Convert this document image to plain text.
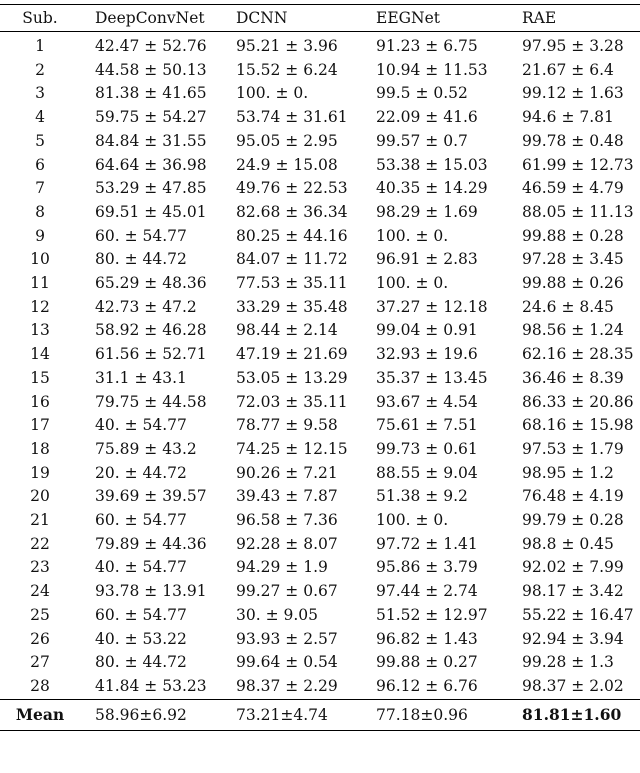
Sub.	DeepConvNet	DCNN	EEGNet	RAE
1	42.47 ± 52.76	95.21 ± 3.96	91.23 ± 6.75	97.95 ± 3.28
2	44.58 ± 50.13	15.52 ± 6.24	10.94 ± 11.53	21.67 ± 6.4
3	81.38 ± 41.65	100. ± 0.	99.5 ± 0.52	99.12 ± 1.63
4	59.75 ± 54.27	53.74 ± 31.61	22.09 ± 41.6	94.6 ± 7.81
5	84.84 ± 31.55	95.05 ± 2.95	99.57 ± 0.7	99.78 ± 0.48
6	64.64 ± 36.98	24.9 ± 15.08	53.38 ± 15.03	61.99 ± 12.73
7	53.29 ± 47.85	49.76 ± 22.53	40.35 ± 14.29	46.59 ± 4.79
8	69.51 ± 45.01	82.68 ± 36.34	98.29 ± 1.69	88.05 ± 11.13
9	60. ± 54.77	80.25 ± 44.16	100. ± 0.	99.88 ± 0.28
10	80. ± 44.72	84.07 ± 11.72	96.91 ± 2.83	97.28 ± 3.45
11	65.29 ± 48.36	77.53 ± 35.11	100. ± 0.	99.88 ± 0.26
12	42.73 ± 47.2	33.29 ± 35.48	37.27 ± 12.18	24.6 ± 8.45
13	58.92 ± 46.28	98.44 ± 2.14	99.04 ± 0.91	98.56 ± 1.24
14	61.56 ± 52.71	47.19 ± 21.69	32.93 ± 19.6	62.16 ± 28.35
15	31.1 ± 43.1	53.05 ± 13.29	35.37 ± 13.45	36.46 ± 8.39
16	79.75 ± 44.58	72.03 ± 35.11	93.67 ± 4.54	86.33 ± 20.86
17	40. ± 54.77	78.77 ± 9.58	75.61 ± 7.51	68.16 ± 15.98
18	75.89 ± 43.2	74.25 ± 12.15	99.73 ± 0.61	97.53 ± 1.79
19	20. ± 44.72	90.26 ± 7.21	88.55 ± 9.04	98.95 ± 1.2
20	39.69 ± 39.57	39.43 ± 7.87	51.38 ± 9.2	76.48 ± 4.19
21	60. ± 54.77	96.58 ± 7.36	100. ± 0.	99.79 ± 0.28
22	79.89 ± 44.36	92.28 ± 8.07	97.72 ± 1.41	98.8 ± 0.45
23	40. ± 54.77	94.29 ± 1.9	95.86 ± 3.79	92.02 ± 7.99
24	93.78 ± 13.91	99.27 ± 0.67	97.44 ± 2.74	98.17 ± 3.42
25	60. ± 54.77	30. ± 9.05	51.52 ± 12.97	55.22 ± 16.47
26	40. ± 53.22	93.93 ± 2.57	96.82 ± 1.43	92.94 ± 3.94
27	80. ± 44.72	99.64 ± 0.54	99.88 ± 0.27	99.28 ± 1.3
28	41.84 ± 53.23	98.37 ± 2.29	96.12 ± 6.76	98.37 ± 2.02
Mean	58.96±6.92	73.21±4.74	77.18±0.96	81.81±1.60
